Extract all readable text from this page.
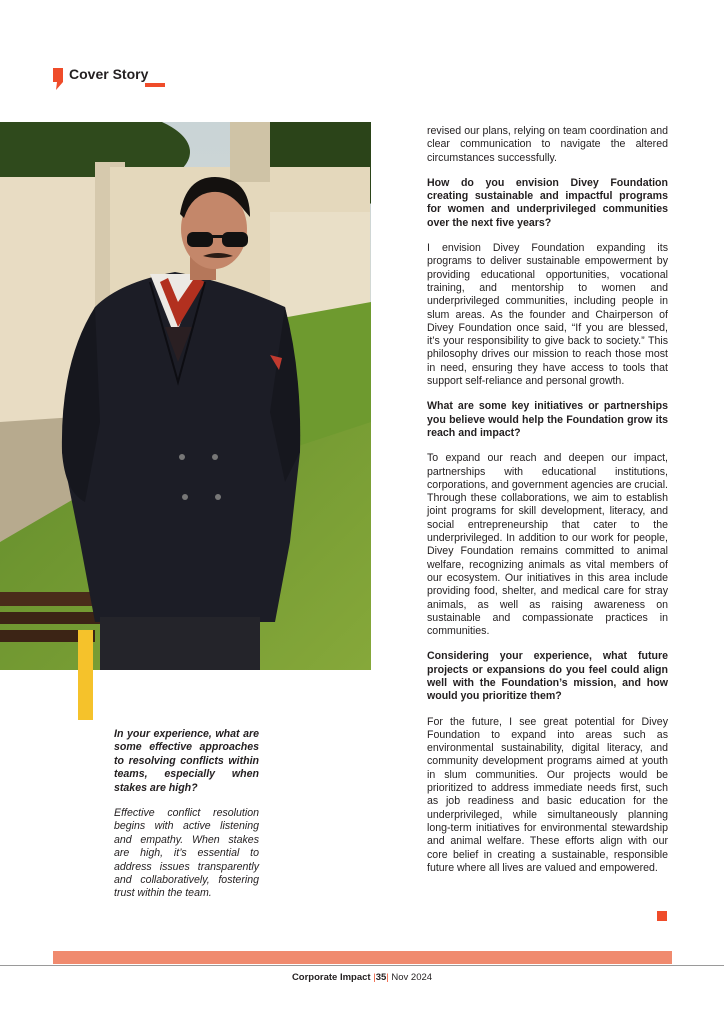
Cover Story

In your experience, what are some effective approaches to resolving conflicts within teams, especially when stakes are high?

Effective conflict resolution begins with active listening and empathy. When stakes are high, it’s essential to address issues transparently and collaboratively, fostering trust within the team.

revised our plans, relying on team coordination and clear communication to navigate the altered circumstances successfully.

How do you envision Divey Foundation creating sustainable and impactful programs for women and underprivileged communities over the next five years?

I envision Divey Foundation expanding its programs to deliver sustainable empowerment by providing educational opportunities, vocational training, and mentorship to women and underprivileged communities, including people in slum areas. As the founder and Chairperson of Divey Foundation once said, “If you are blessed, it’s your responsibility to give back to society.” This philosophy drives our mission to reach those most in need, ensuring they have access to tools that support self-reliance and personal growth.

What are some key initiatives or partnerships you believe would help the Foundation grow its reach and impact?

To expand our reach and deepen our impact, partnerships with educational institutions, corporations, and government agencies are crucial. Through these collaborations, we aim to establish joint programs for skill development, literacy, and social entrepreneurship that cater to the underprivileged. In addition to our work for people, Divey Foundation remains committed to animal welfare, recognizing animals as vital members of our ecosystem. Our initiatives in this area include providing food, shelter, and medical care for stray animals, as well as raising awareness on sustainable and compassionate practices in communities.

Considering your experience, what future projects or expansions do you feel could align well with the Foundation’s mission, and how would you prioritize them?

For the future, I see great potential for Divey Foundation to expand into areas such as environmental sustainability, digital literacy, and community development programs aimed at youth in slum communities. Our projects would be prioritized to address immediate needs first, such as job readiness and basic education for the underprivileged, while simultaneously planning long-term initiatives for environmental stewardship and animal welfare. These efforts align with our core belief in creating a sustainable, responsible future where all lives are valued and empowered.

Corporate Impact |35| Nov 2024
